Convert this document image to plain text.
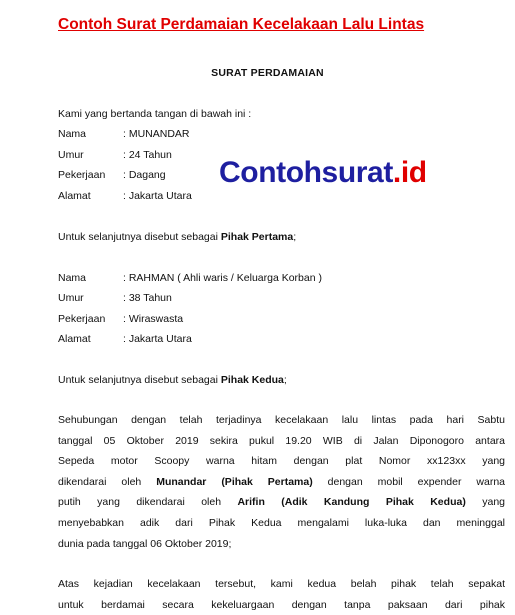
Contoh Surat Perdamaian Kecelakaan Lalu Lintas
Contohsurat.id
SURAT PERDAMAIAN
Kami yang bertanda tangan di bawah ini :
Nama	: MUNANDAR
Umur	: 24 Tahun
Pekerjaan : Dagang
Alamat	: Jakarta Utara
Untuk selanjutnya disebut sebagai Pihak Pertama;
Nama	: RAHMAN ( Ahli waris / Keluarga Korban )
Umur	: 38 Tahun
Pekerjaan : Wiraswasta
Alamat	: Jakarta Utara
Untuk selanjutnya disebut sebagai Pihak Kedua;
Sehubungan dengan telah terjadinya kecelakaan lalu lintas pada hari Sabtu
tanggal 05 Oktober 2019 sekira pukul 19.20 WIB di Jalan Diponogoro antara
Sepeda motor Scoopy warna hitam dengan plat Nomor xx123xx yang
dikendarai oleh Munandar (Pihak Pertama) dengan mobil expender warna
putih yang dikendarai oleh Arifin (Adik Kandung Pihak Kedua) yang
menyebabkan adik dari Pihak Kedua mengalami luka-luka dan meninggal
dunia pada tanggal 06 Oktober 2019;
Atas kejadian kecelakaan tersebut, kami kedua belah pihak telah sepakat
untuk berdamai secara kekeluargaan dengan tanpa paksaan dari pihak
